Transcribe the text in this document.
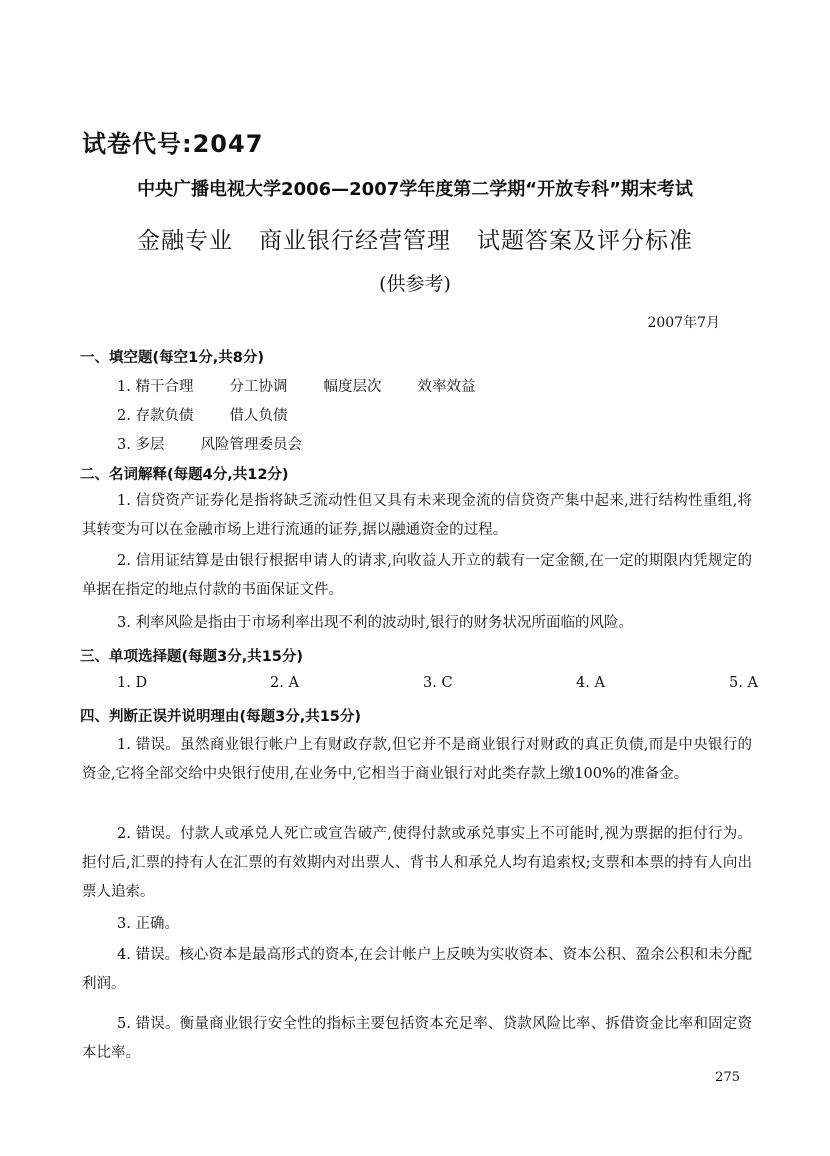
试卷代号:2047
中央广播电视大学2006—2007学年度第二学期“开放专科”期末考试
金融专业 商业银行经营管理 试题答案及评分标准
(供参考)
2007年7月
一、填空题(每空1分,共8分)
1. 精干合理 分工协调 幅度层次 效率效益
2. 存款负债 借人负债
3. 多层 风险管理委员会
二、名词解释(每题4分,共12分)
1. 信贷资产证券化是指将缺乏流动性但又具有未来现金流的信贷资产集中起来,进行结构性重组,将其转变为可以在金融市场上进行流通的证券,据以融通资金的过程。
2. 信用证结算是由银行根据申请人的请求,向收益人开立的载有一定金额,在一定的期限内凭规定的单据在指定的地点付款的书面保证文件。
3. 利率风险是指由于市场利率出现不利的波动时,银行的财务状况所面临的风险。
三、单项选择题(每题3分,共15分)
1. D	2. A	3. C	4. A	5. A
四、判断正误并说明理由(每题3分,共15分)
1. 错误。虽然商业银行帐户上有财政存款,但它并不是商业银行对财政的真正负债,而是中央银行的资金,它将全部交给中央银行使用,在业务中,它相当于商业银行对此类存款上缴100%的准备金。
2. 错误。付款人或承兑人死亡或宣告破产,使得付款或承兑事实上不可能时,视为票据的拒付行为。拒付后,汇票的持有人在汇票的有效期内对出票人、背书人和承兑人均有追索权;支票和本票的持有人向出票人追索。
3. 正确。
4. 错误。核心资本是最高形式的资本,在会计帐户上反映为实收资本、资本公积、盈余公积和未分配利润。
5. 错误。衡量商业银行安全性的指标主要包括资本充足率、贷款风险比率、拆借资金比率和固定资本比率。
275
